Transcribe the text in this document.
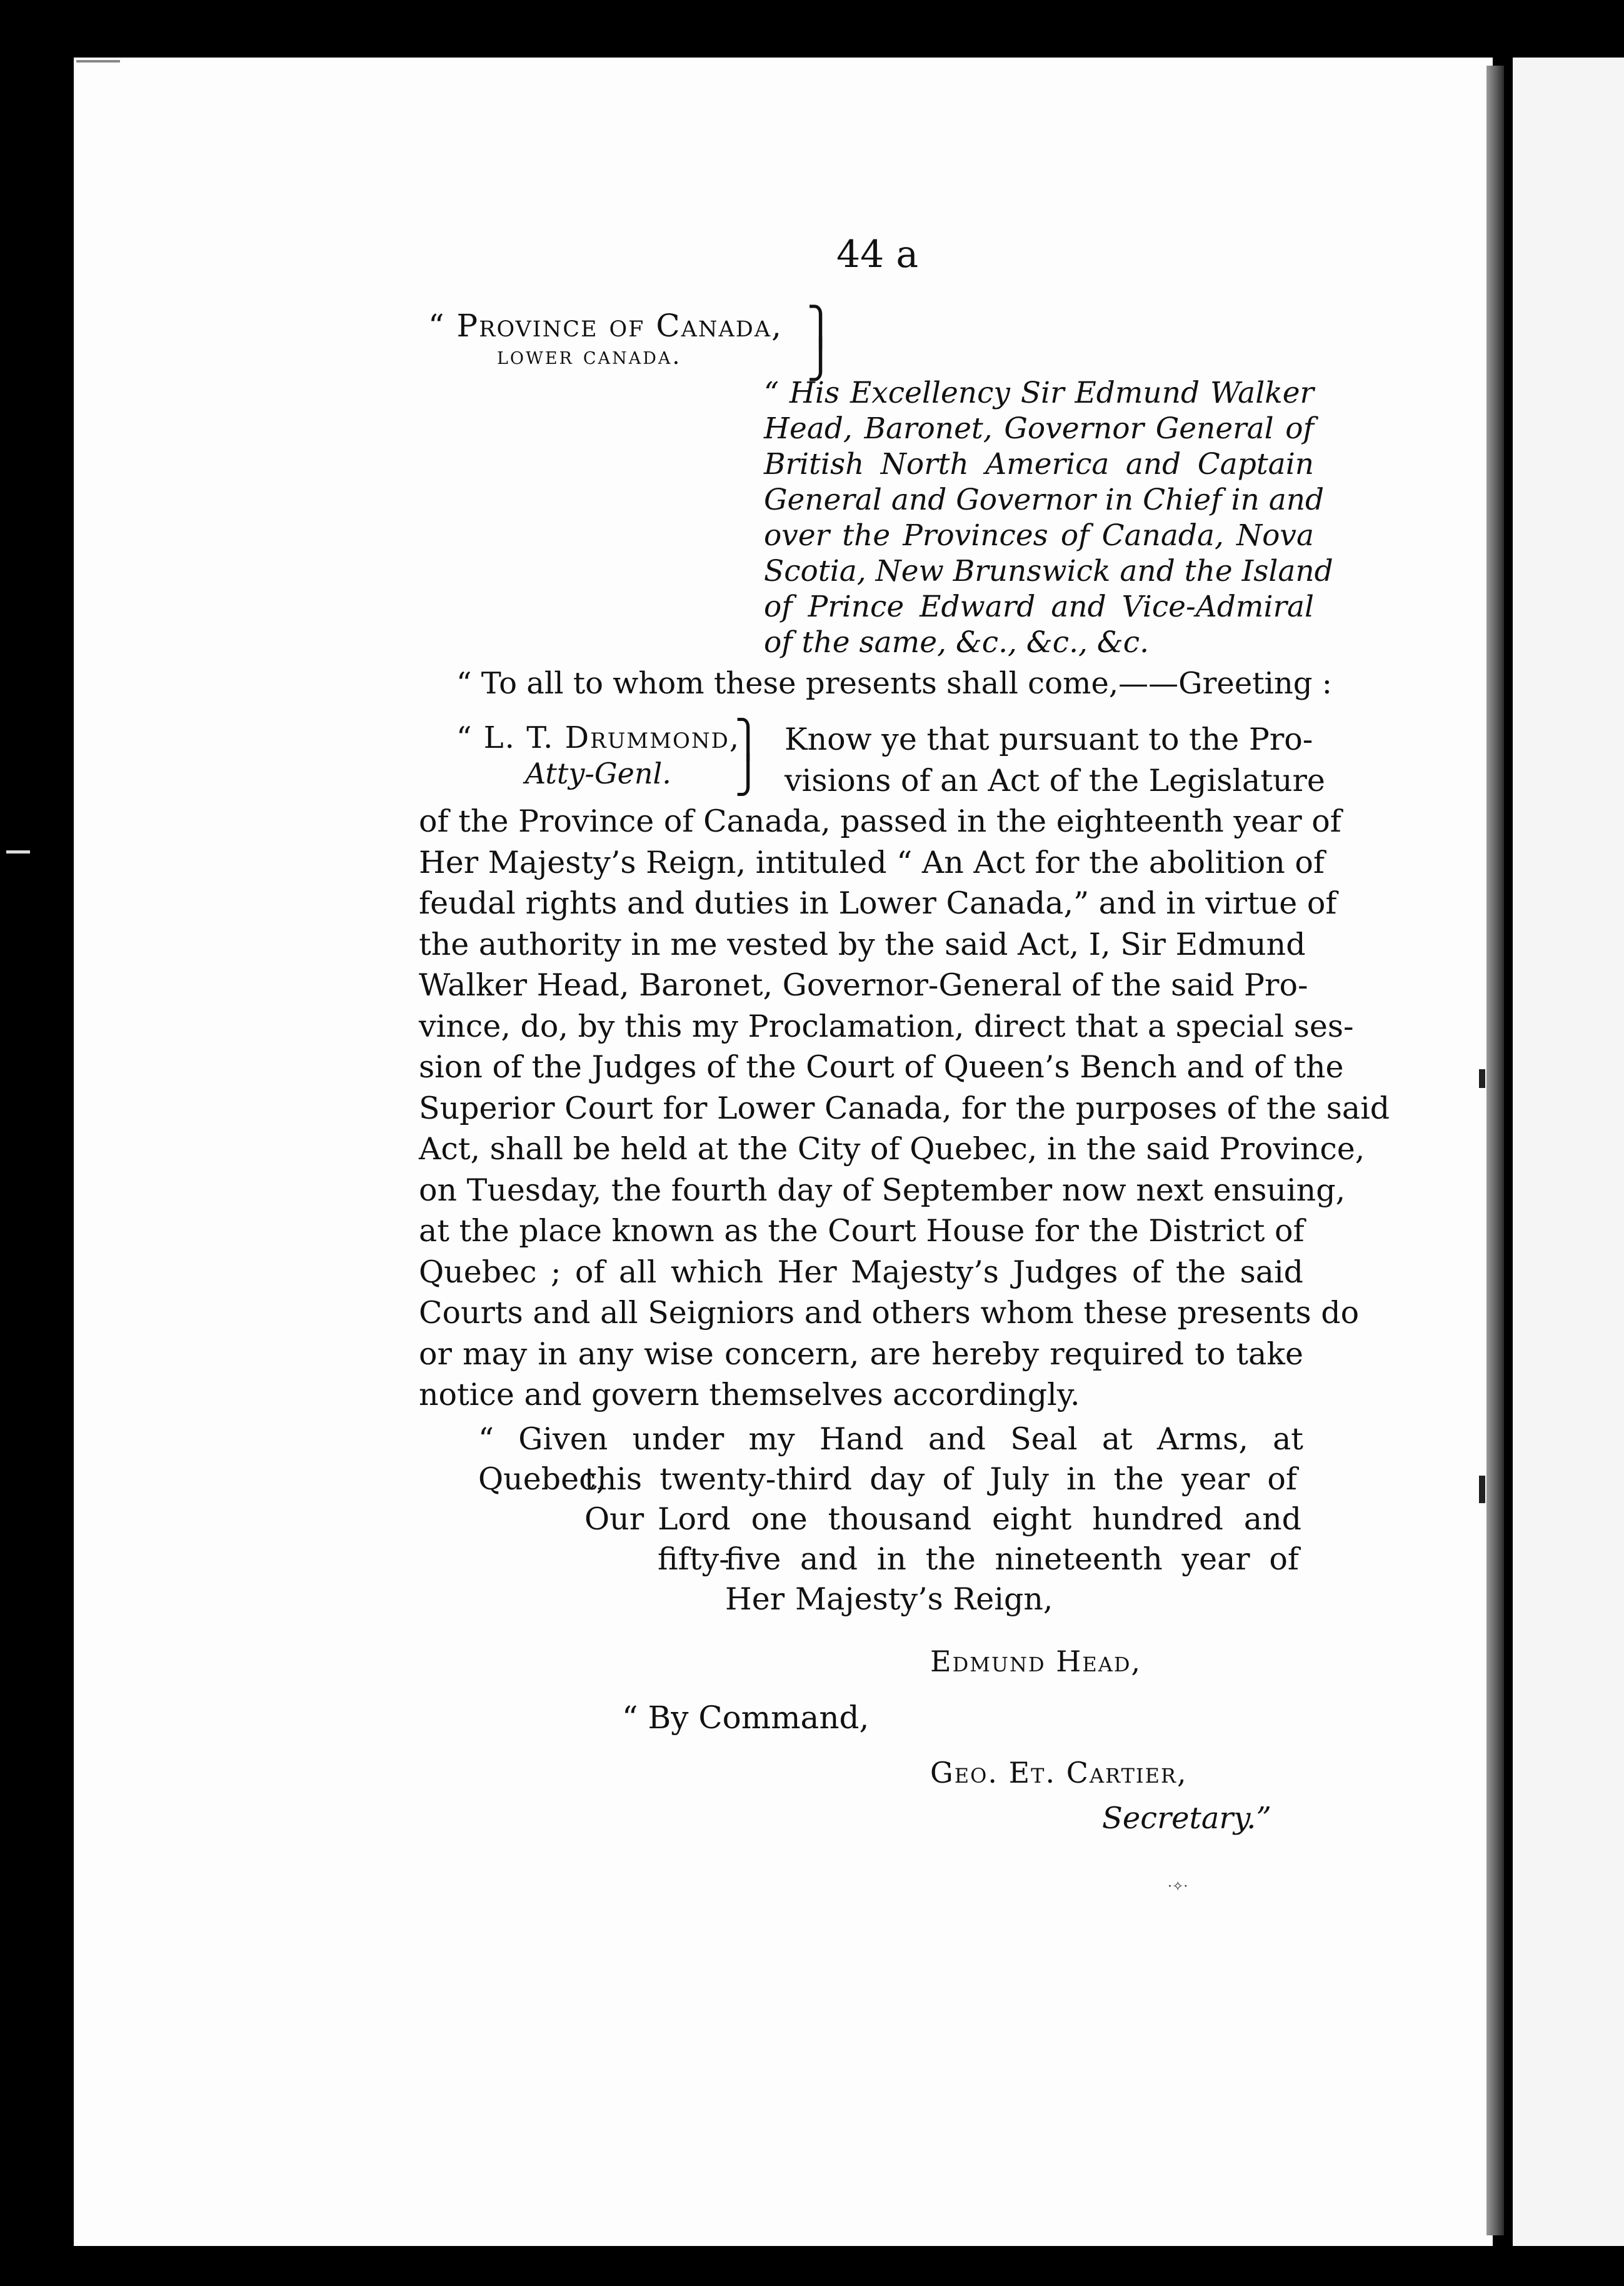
44 a
“ Province of Canada,
lower canada.
⎫
⎭
“ His Excellency Sir Edmund Walker
Head, Baronet, Governor General of
British North America and Captain
General and Governor in Chief in and
over the Provinces of Canada, Nova
Scotia, New Brunswick and the Island
of Prince Edward and Vice-Admiral
of the same, &c., &c., &c.
“ To all to whom these presents shall come,——Greeting :
“ L. T. Drummond,
Atty-Genl.
⎫
⎭
Know ye that pursuant to the Pro-
visions of an Act of the Legislature
of the Province of Canada, passed in the eighteenth year of
Her Majesty’s Reign, intituled “ An Act for the abolition of
feudal rights and duties in Lower Canada,” and in virtue of
the authority in me vested by the said Act, I, Sir Edmund
Walker Head, Baronet, Governor-General of the said Pro-
vince, do, by this my Proclamation, direct that a special ses-
sion of the Judges of the Court of Queen’s Bench and of the
Superior Court for Lower Canada, for the purposes of the said
Act, shall be held at the City of Quebec, in the said Province,
on Tuesday, the fourth day of September now next ensuing,
at the place known as the Court House for the District of
Quebec ; of all which Her Majesty’s Judges of the said
Courts and all Seigniors and others whom these presents do
or may in any wise concern, are hereby required to take
notice and govern themselves accordingly.
“ Given under my Hand and Seal at Arms, at Quebec,
this twenty-third day of July in the year of Our Lord one thousand eight hundred and fifty-
five and in the nineteenth year of Her Majesty’s Reign,
Edmund Head,
“ By Command,
Geo. Et. Cartier,
Secretary.”
·✧·
